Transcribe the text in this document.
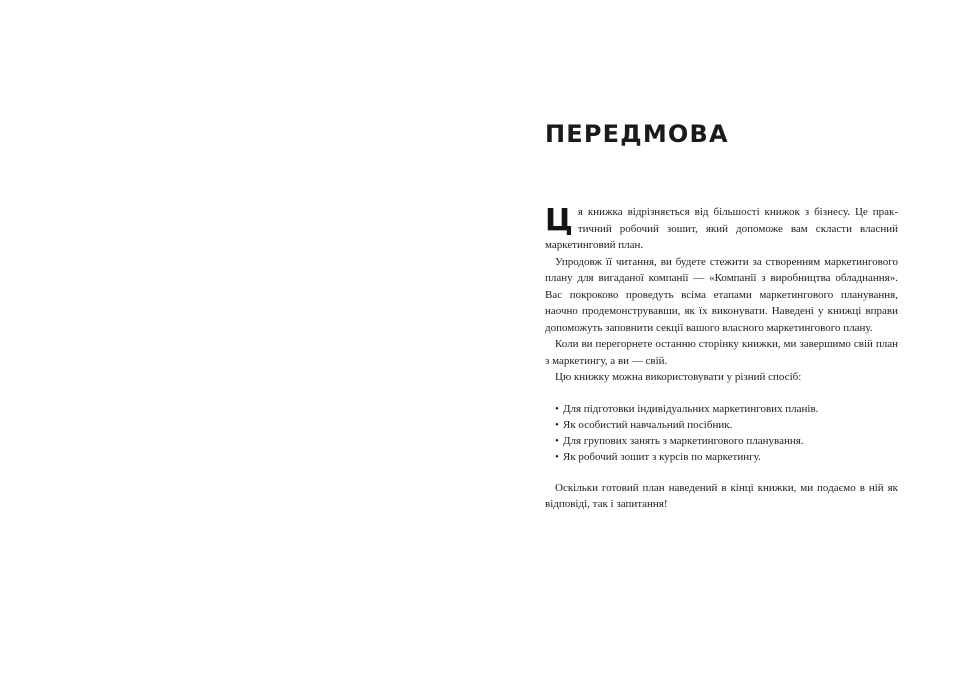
ПЕРЕДМОВА

Ця книжка відрізняється від більшості книжок з бізнесу. Це практичний робочий зошит, який допоможе вам скласти власний маркетинговий план.

Упродовж її читання, ви будете стежити за створенням маркетингового плану для вигаданої компанії — «Компанії з виробництва обладнання». Вас покроково проведуть всіма етапами маркетингового планування, наочно продемонструвавши, як їх виконувати. Наведені у книжці вправи допоможуть заповнити секції вашого власного маркетингового плану.

Коли ви перегорнете останню сторінку книжки, ми завершимо свій план з маркетингу, а ви — свій.

Цю книжку можна використовувати у різний спосіб:

• Для підготовки індивідуальних маркетингових планів.
• Як особистий навчальний посібник.
• Для групових занять з маркетингового планування.
• Як робочий зошит з курсів по маркетингу.

Оскільки готовий план наведений в кінці книжки, ми подаємо в ній як відповіді, так і запитання!
